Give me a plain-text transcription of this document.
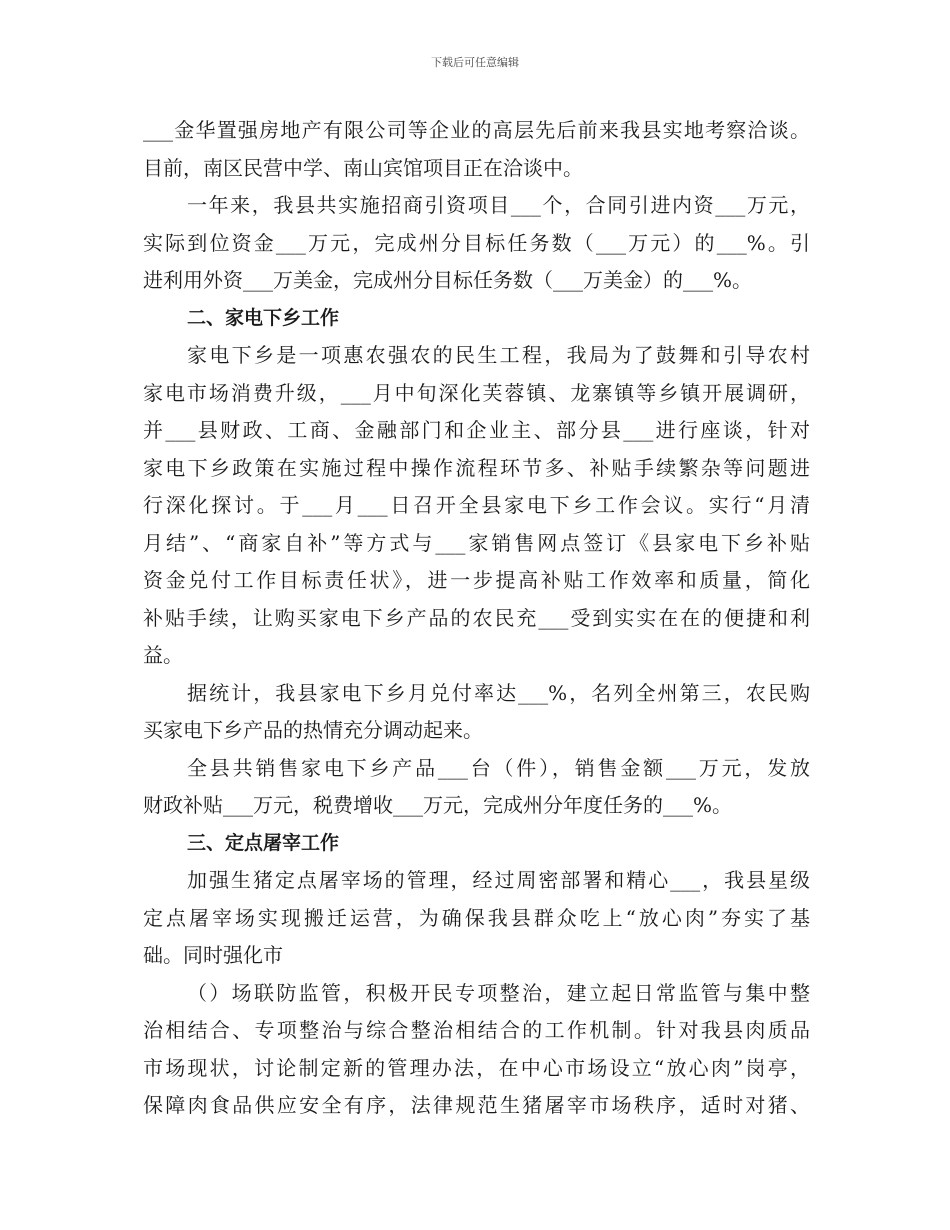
下载后可任意编辑
___金华置强房地产有限公司等企业的高层先后前来我县实地考察洽谈。
目前，南区民营中学、南山宾馆项目正在洽谈中。
一年来，我县共实施招商引资项目___个，合同引进内资___万元，
实际到位资金___万元，完成州分目标任务数（___万元）的___%。引
进利用外资___万美金，完成州分目标任务数（___万美金）的___%。
二、家电下乡工作
家电下乡是一项惠农强农的民生工程，我局为了鼓舞和引导农村
家电市场消费升级，___月中旬深化芙蓉镇、龙寨镇等乡镇开展调研，
并___县财政、工商、金融部门和企业主、部分县___进行座谈，针对
家电下乡政策在实施过程中操作流程环节多、补贴手续繁杂等问题进
行深化探讨。于___月___日召开全县家电下乡工作会议。实行“月清
月结”、“商家自补”等方式与___家销售网点签订《县家电下乡补贴
资金兑付工作目标责任状》，进一步提高补贴工作效率和质量，简化
补贴手续，让购买家电下乡产品的农民充___受到实实在在的便捷和利
益。
据统计，我县家电下乡月兑付率达___%，名列全州第三，农民购
买家电下乡产品的热情充分调动起来。
全县共销售家电下乡产品___台（件），销售金额___万元，发放
财政补贴___万元，税费增收___万元，完成州分年度任务的___%。
三、定点屠宰工作
加强生猪定点屠宰场的管理，经过周密部署和精心___，我县星级
定点屠宰场实现搬迁运营，为确保我县群众吃上“放心肉”夯实了基
础。同时强化市
（）场联防监管，积极开民专项整治，建立起日常监管与集中整
治相结合、专项整治与综合整治相结合的工作机制。针对我县肉质品
市场现状，讨论制定新的管理办法，在中心市场设立“放心肉”岗亭，
保障肉食品供应安全有序，法律规范生猪屠宰市场秩序，适时对猪、
